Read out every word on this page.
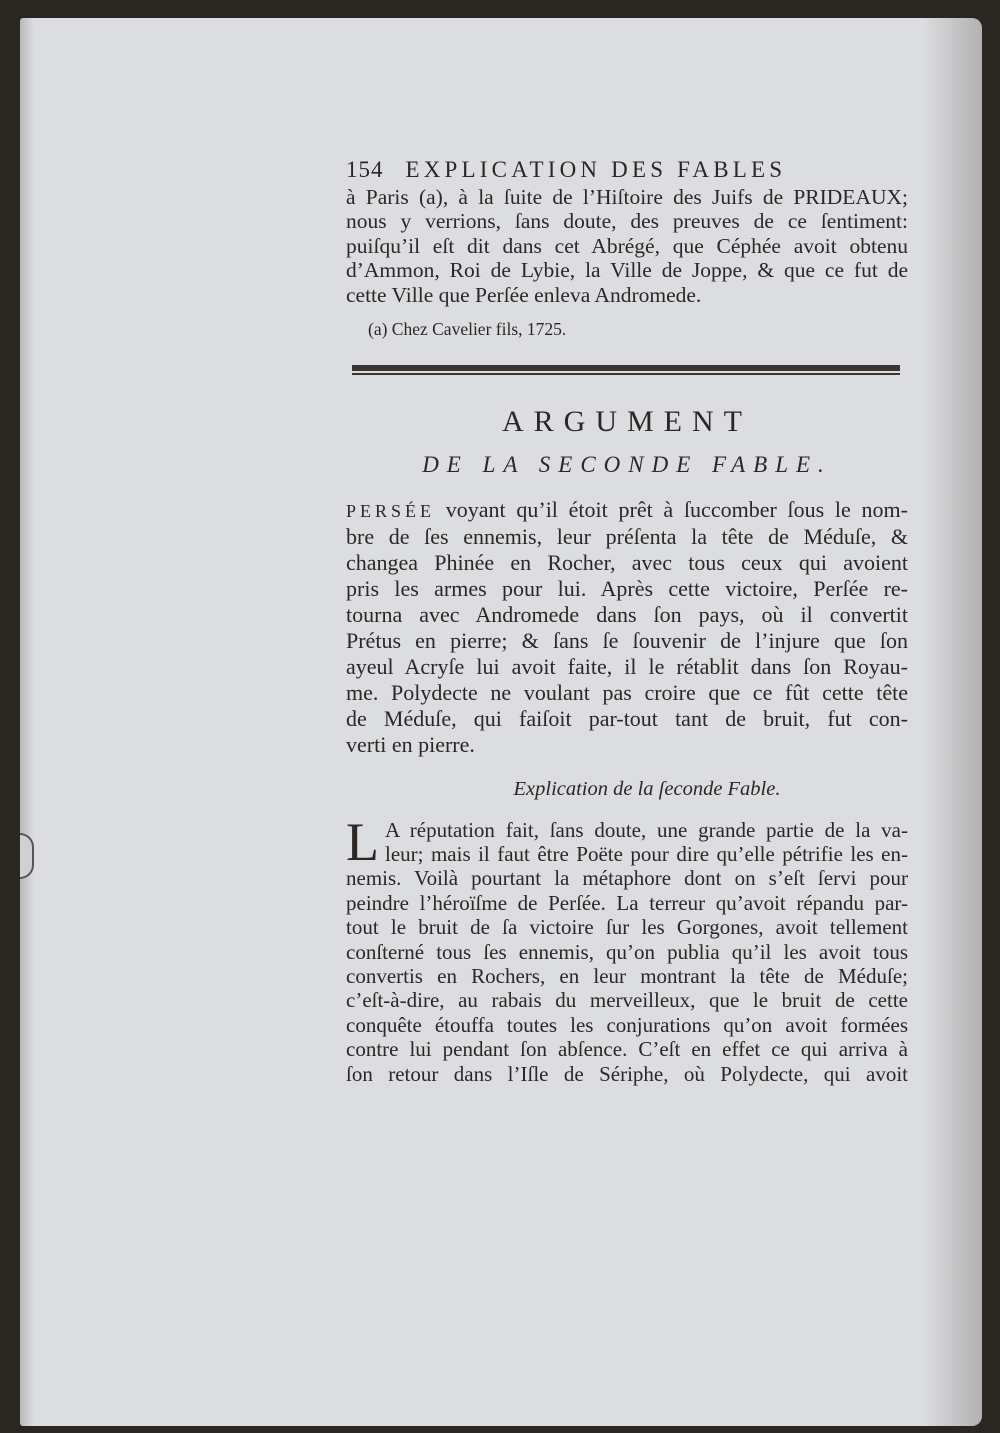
154 EXPLICATION DES FABLES
à Paris (a), à la ſuite de l’Hiſtoire des Juifs de PRIDEAUX;
nous y verrions, ſans doute, des preuves de ce ſentiment:
puiſqu’il eſt dit dans cet Abrégé, que Céphée avoit obtenu
d’Ammon, Roi de Lybie, la Ville de Joppe, & que ce fut de
cette Ville que Perſée enleva Andromede.
(a) Chez Cavelier fils, 1725.
ARGUMENT
DE LA SECONDE FABLE.
PERSÉE voyant qu’il étoit prêt à ſuccomber ſous le nom-
bre de ſes ennemis, leur préſenta la tête de Méduſe, &
changea Phinée en Rocher, avec tous ceux qui avoient
pris les armes pour lui. Après cette victoire, Perſée re-
tourna avec Andromede dans ſon pays, où il convertit
Prétus en pierre; & ſans ſe ſouvenir de l’injure que ſon
ayeul Acryſe lui avoit faite, il le rétablit dans ſon Royau-
me. Polydecte ne voulant pas croire que ce fût cette tête
de Méduſe, qui faiſoit par-tout tant de bruit, fut con-
verti en pierre.
Explication de la ſeconde Fable.
L A réputation fait, ſans doute, une grande partie de la va-
leur; mais il faut être Poëte pour dire qu’elle pétrifie les en-
nemis. Voilà pourtant la métaphore dont on s’eſt ſervi pour
peindre l’héroïſme de Perſée. La terreur qu’avoit répandu par-
tout le bruit de ſa victoire ſur les Gorgones, avoit tellement
conſterné tous ſes ennemis, qu’on publia qu’il les avoit tous
convertis en Rochers, en leur montrant la tête de Méduſe;
c’eſt-à-dire, au rabais du merveilleux, que le bruit de cette
conquête étouffa toutes les conjurations qu’on avoit formées
contre lui pendant ſon abſence. C’eſt en effet ce qui arriva à
ſon retour dans l’Iſle de Sériphe, où Polydecte, qui avoit
